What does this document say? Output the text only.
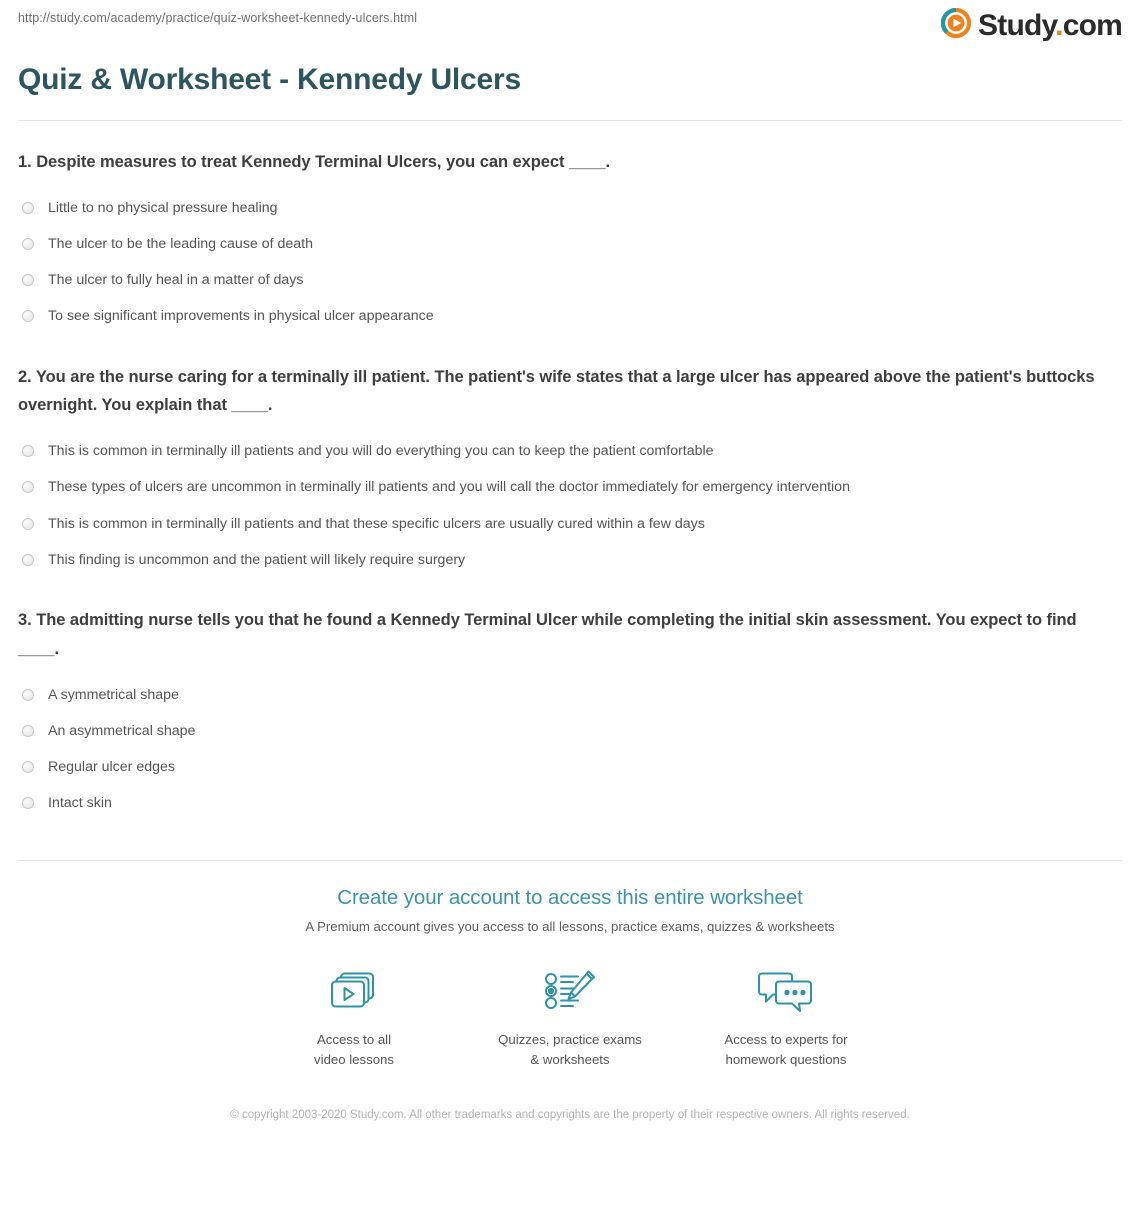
http://study.com/academy/practice/quiz-worksheet-kennedy-ulcers.html	Study.com
Quiz & Worksheet - Kennedy Ulcers

1. Despite measures to treat Kennedy Terminal Ulcers, you can expect ____.

Little to no physical pressure healing
The ulcer to be the leading cause of death
The ulcer to fully heal in a matter of days
To see significant improvements in physical ulcer appearance

2. You are the nurse caring for a terminally ill patient. The patient's wife states that a large ulcer has appeared above the patient's buttocks overnight. You explain that ____.

This is common in terminally ill patients and you will do everything you can to keep the patient comfortable
These types of ulcers are uncommon in terminally ill patients and you will call the doctor immediately for emergency intervention
This is common in terminally ill patients and that these specific ulcers are usually cured within a few days
This finding is uncommon and the patient will likely require surgery

3. The admitting nurse tells you that he found a Kennedy Terminal Ulcer while completing the initial skin assessment. You expect to find ____.

A symmetrical shape
An asymmetrical shape
Regular ulcer edges
Intact skin
Create your account to access this entire worksheet
A Premium account gives you access to all lessons, practice exams, quizzes & worksheets
Access to all
video lessons
Quizzes, practice exams
& worksheets
Access to experts for
homework questions
© copyright 2003-2020 Study.com. All other trademarks and copyrights are the property of their respective owners. All rights reserved.
